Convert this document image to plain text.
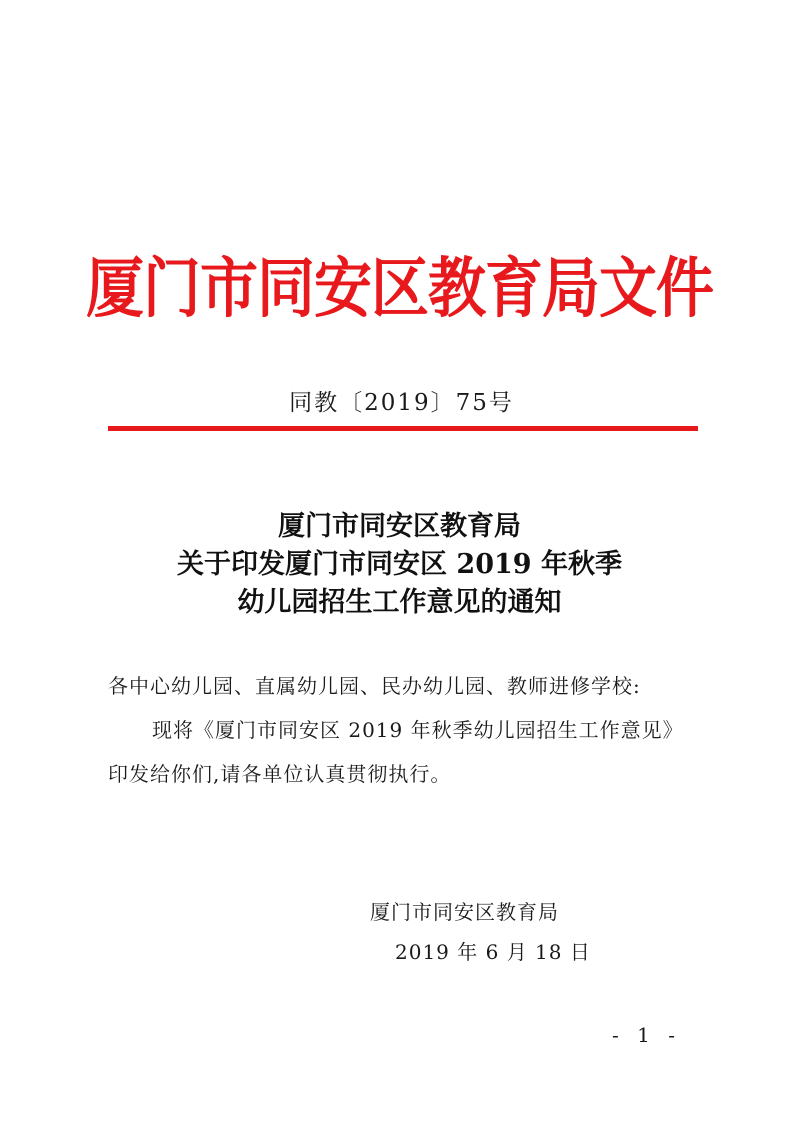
厦门市同安区教育局文件
同教〔2019〕75号
厦门市同安区教育局
关于印发厦门市同安区 2019 年秋季
幼儿园招生工作意见的通知
各中心幼儿园、直属幼儿园、民办幼儿园、教师进修学校:
现将《厦门市同安区 2019 年秋季幼儿园招生工作意见》
印发给你们,请各单位认真贯彻执行。
厦门市同安区教育局
2019 年 6 月 18 日
- 1 -
